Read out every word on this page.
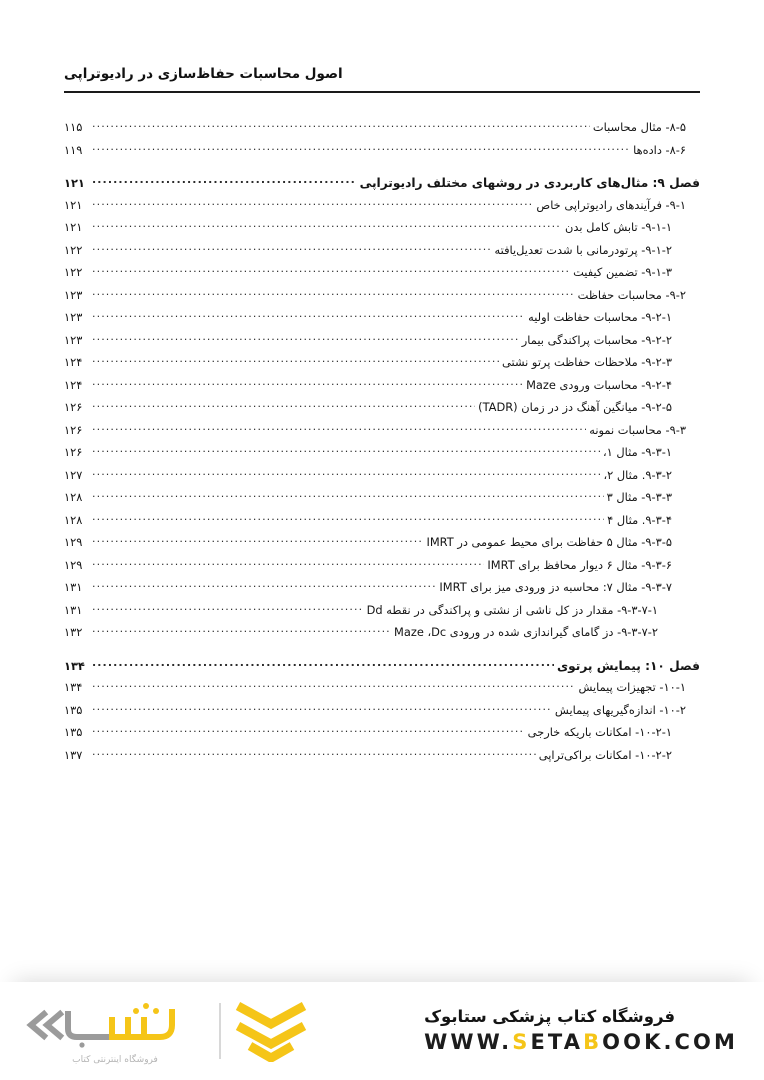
اصول محاسبات حفاظ‌سازی در رادیوتراپی
۸-۵- مثال محاسبات
.....
۱۱۵
۸-۶- داده‌ها
.....
۱۱۹
فصل ۹: مثال‌های کاربردی در روشهای مختلف رادیوتراپی
.....
۱۲۱
۹-۱- فرآیندهای رادیوتراپی خاص
.....
۱۲۱
۹-۱-۱- تابش کامل بدن
.....
۱۲۱
۹-۱-۲- پرتودرمانی با شدت تعدیل‌یافته
.....
۱۲۲
۹-۱-۳- تضمین کیفیت
.....
۱۲۲
۹-۲- محاسبات حفاظت
.....
۱۲۳
۹-۲-۱- محاسبات حفاظت اولیه
.....
۱۲۳
۹-۲-۲- محاسبات پراکندگی بیمار
.....
۱۲۳
۹-۲-۳- ملاحظات حفاظت پرتو نشتی
.....
۱۲۴
۹-۲-۴- محاسبات ورودی Maze
.....
۱۲۴
۹-۲-۵- میانگین آهنگ دز در زمان (TADR)
.....
۱۲۶
۹-۳- محاسبات نمونه
.....
۱۲۶
۹-۳-۱- مثال ۱،
.....
۱۲۶
۹-۳-۲. مثال ۲،
.....
۱۲۷
۹-۳-۳- مثال ۳
.....
۱۲۸
۹-۳-۴. مثال ۴
.....
۱۲۸
۹-۳-۵- مثال ۵ حفاظت برای محیط عمومی در IMRT
.....
۱۲۹
۹-۳-۶- مثال ۶ دیوار محافظ برای IMRT
.....
۱۲۹
۹-۳-۷- مثال ۷: محاسبه دز ورودی میز برای IMRT
.....
۱۳۱
۹-۳-۷-۱- مقدار دز کل ناشی از نشتی و پراکندگی در نقطه Dd
.....
۱۳۱
۹-۳-۷-۲- دز گامای گیراندازی شده در ورودی Maze ،Dc
.....
۱۳۲
فصل ۱۰: پیمایش پرتوی
.....
۱۳۴
۱۰-۱- تجهیزات پیمایش
.....
۱۳۴
۱۰-۲- اندازه‌گیریهای پیمایش
.....
۱۳۵
۱۰-۲-۱- امکانات باریکه خارجی
.....
۱۳۵
۱۰-۲-۲- امکانات براکی‌تراپی
.....
۱۳۷
فروشگاه کتاب پزشکی ستابوک
WWW.SETABOOK.COM
فروشگاه اینترنتی کتاب
